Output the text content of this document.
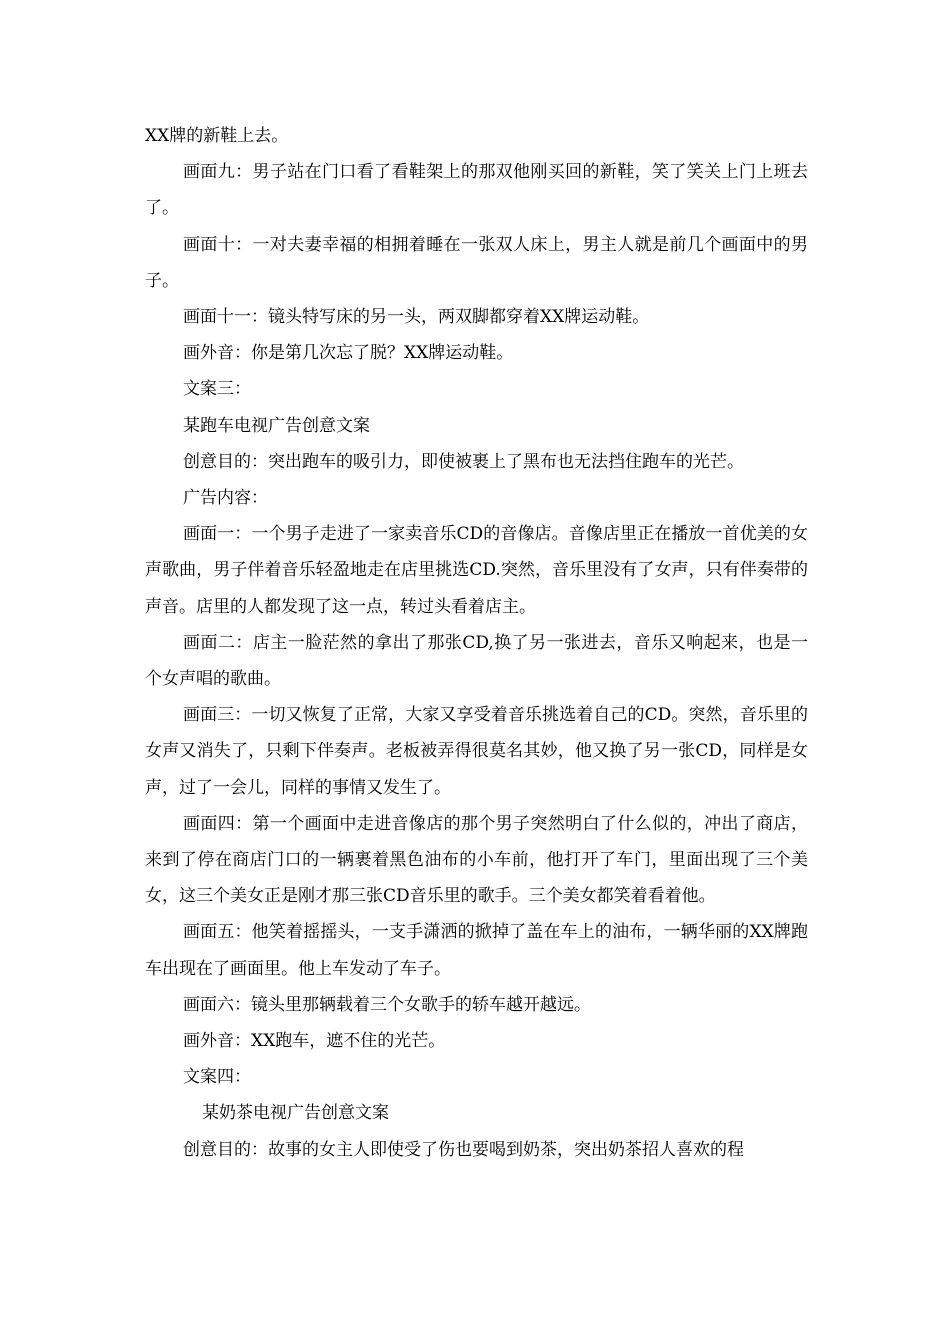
XX牌的新鞋上去。

画面九：男子站在门口看了看鞋架上的那双他刚买回的新鞋，笑了笑关上门上班去了。

画面十：一对夫妻幸福的相拥着睡在一张双人床上，男主人就是前几个画面中的男子。

画面十一：镜头特写床的另一头，两双脚都穿着XX牌运动鞋。

画外音：你是第几次忘了脱？XX牌运动鞋。

文案三：

某跑车电视广告创意文案

创意目的：突出跑车的吸引力，即使被裹上了黑布也无法挡住跑车的光芒。

广告内容：

画面一：一个男子走进了一家卖音乐CD的音像店。音像店里正在播放一首优美的女声歌曲，男子伴着音乐轻盈地走在店里挑选CD.突然，音乐里没有了女声，只有伴奏带的声音。店里的人都发现了这一点，转过头看着店主。

画面二：店主一脸茫然的拿出了那张CD,换了另一张进去，音乐又响起来，也是一个女声唱的歌曲。

画面三：一切又恢复了正常，大家又享受着音乐挑选着自己的CD。突然，音乐里的女声又消失了，只剩下伴奏声。老板被弄得很莫名其妙，他又换了另一张CD，同样是女声，过了一会儿，同样的事情又发生了。

画面四：第一个画面中走进音像店的那个男子突然明白了什么似的，冲出了商店，来到了停在商店门口的一辆裹着黑色油布的小车前，他打开了车门，里面出现了三个美女，这三个美女正是刚才那三张CD音乐里的歌手。三个美女都笑着看着他。

画面五：他笑着摇摇头，一支手潇洒的掀掉了盖在车上的油布，一辆华丽的XX牌跑车出现在了画面里。他上车发动了车子。

画面六：镜头里那辆载着三个女歌手的轿车越开越远。

画外音：XX跑车，遮不住的光芒。

文案四：

某奶茶电视广告创意文案

创意目的：故事的女主人即使受了伤也要喝到奶茶，突出奶茶招人喜欢的程
